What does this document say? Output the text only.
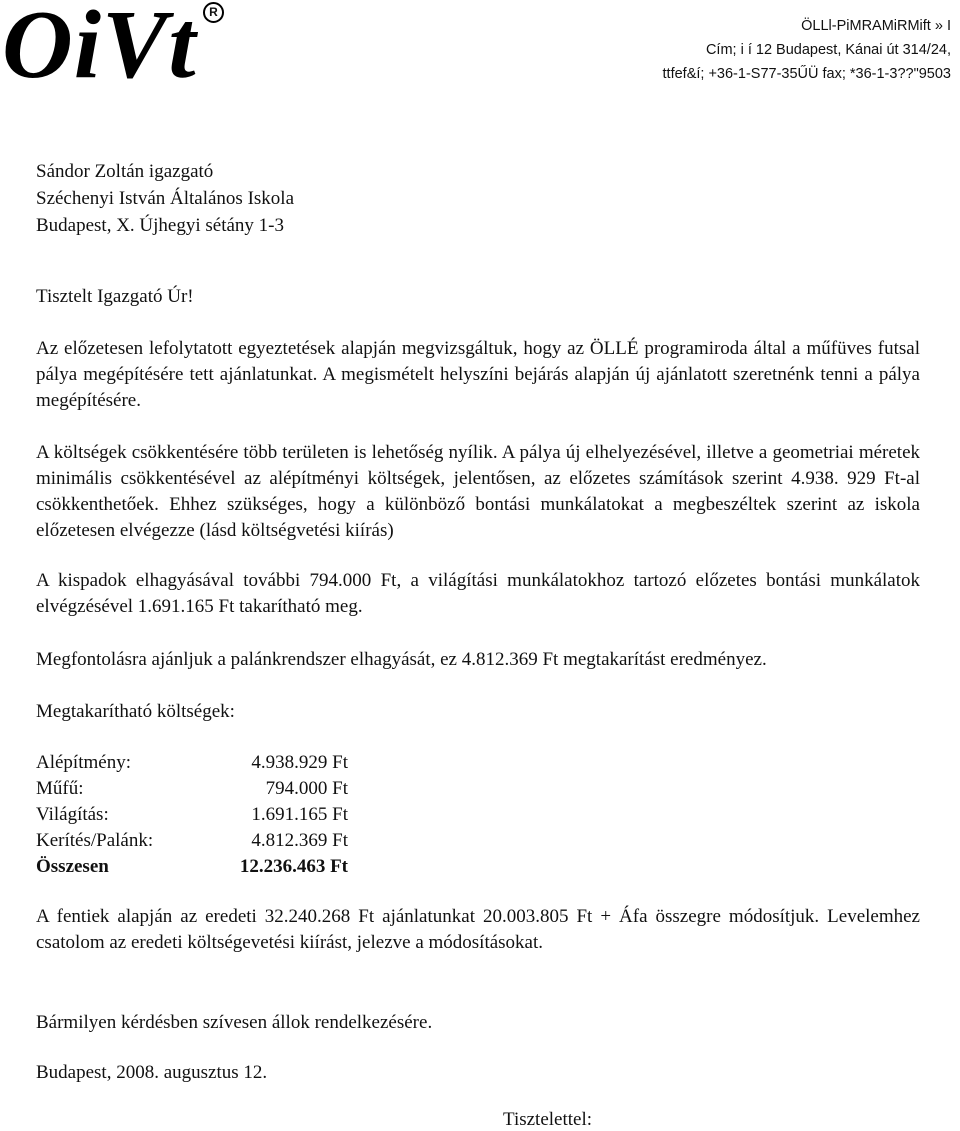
OiVt	R
ÖLLl-PiMRAMiRMift » I
Cím; i í 12 Budapest, Kánai út 314/24,
ttfef&í; +36-1-S77-35ŰÜ fax; *36-1-3??"9503
Sándor Zoltán igazgató
Széchenyi István Általános Iskola
Budapest, X. Újhegyi sétány 1-3
Tisztelt Igazgató Úr!

Az előzetesen lefolytatott egyeztetések alapján megvizsgáltuk, hogy az ÖLLÉ programiroda által a műfüves futsal pálya megépítésére tett ajánlatunkat. A megismételt helyszíni bejárás alapján új ajánlatott szeretnénk tenni a pálya megépítésére.

A költségek csökkentésére több területen is lehetőség nyílik. A pálya új elhelyezésével, illetve a geometriai méretek minimális csökkentésével az alépítményi költségek, jelentősen, az előzetes számítások szerint 4.938. 929 Ft-al csökkenthetőek. Ehhez szükséges, hogy a különböző bontási munkálatokat a megbeszéltek szerint az iskola előzetesen elvégezze (lásd költségvetési kiírás)

A kispadok elhagyásával további 794.000 Ft, a világítási munkálatokhoz tartozó előzetes bontási munkálatok elvégzésével 1.691.165 Ft takarítható meg.

Megfontolásra ajánljuk a palánkrendszer elhagyását, ez 4.812.369 Ft megtakarítást eredményez.

Megtakarítható költségek:

Alépítmény:	4.938.929 Ft
Műfű:	794.000 Ft
Világítás:	1.691.165 Ft
Kerítés/Palánk:	4.812.369 Ft
Összesen	12.236.463 Ft

A fentiek alapján az eredeti 32.240.268 Ft ajánlatunkat 20.003.805 Ft + Áfa összegre módosítjuk. Levelemhez csatolom az eredeti költségevetési kiírást, jelezve a módosításokat.

Bármilyen kérdésben szívesen állok rendelkezésére.

Budapest, 2008. augusztus 12.

Tisztelettel:
